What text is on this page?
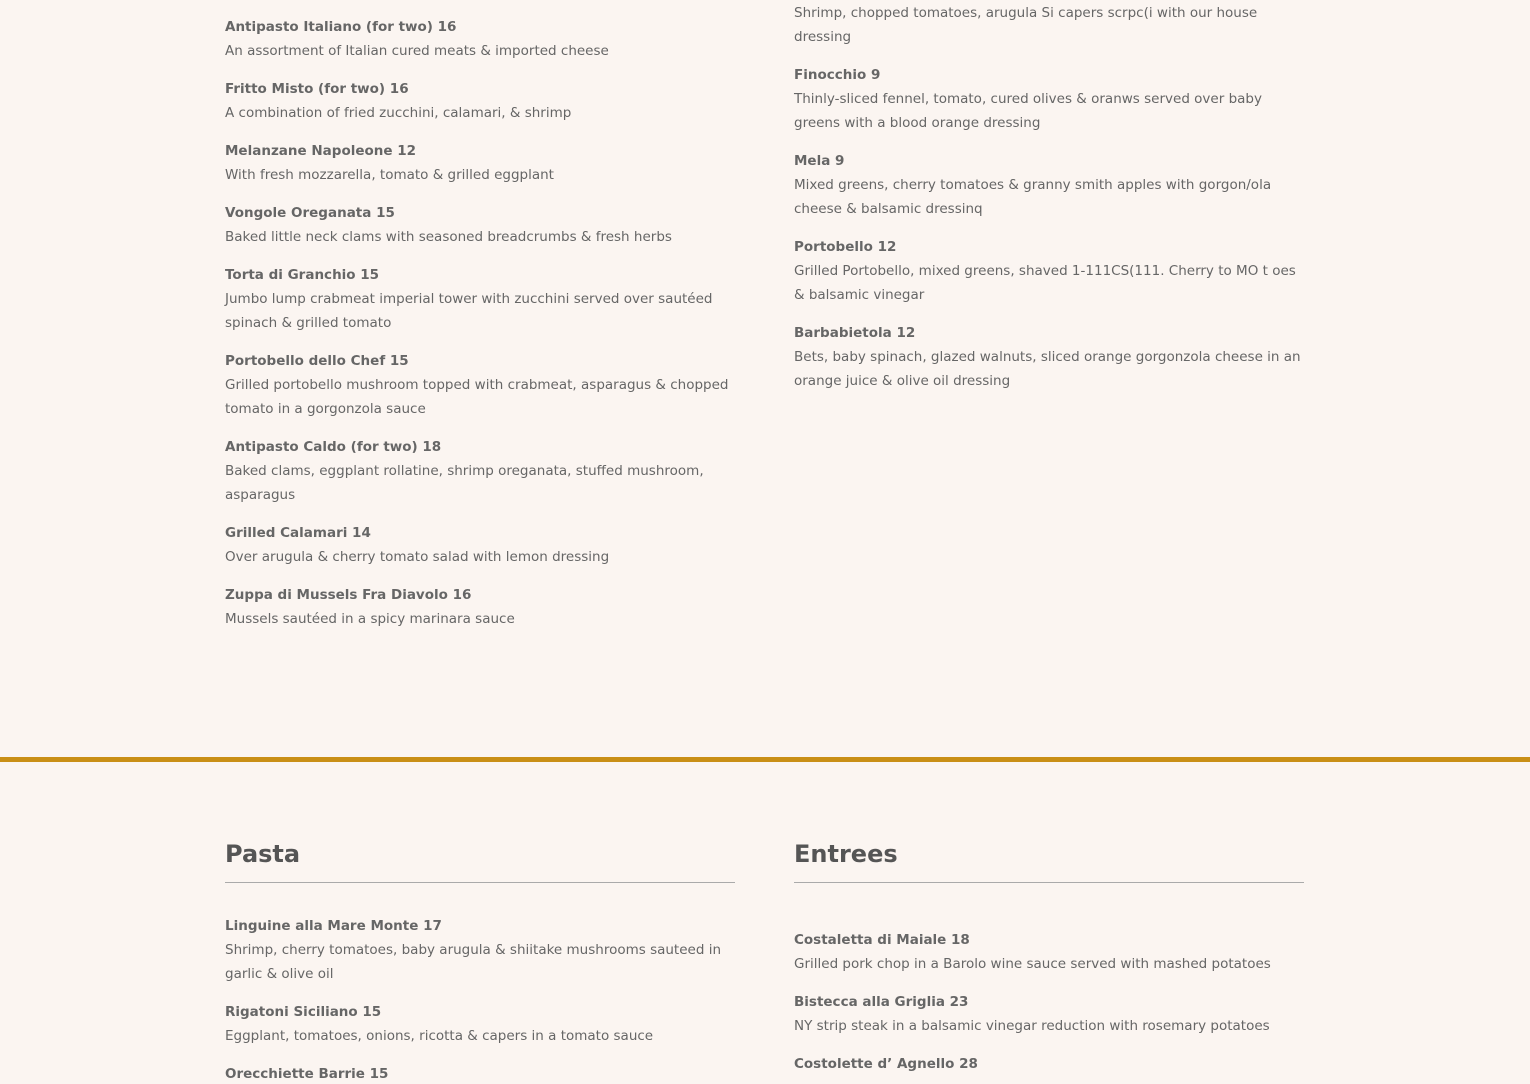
Antipasto Italiano (for two) 16

An assortment of Italian cured meats & imported cheese

Fritto Misto (for two) 16

A combination of fried zucchini, calamari, & shrimp

Melanzane Napoleone 12

With fresh mozzarella, tomato & grilled eggplant

Vongole Oreganata 15

Baked little neck clams with seasoned breadcrumbs & fresh herbs

Torta di Granchio 15

Jumbo lump crabmeat imperial tower with zucchini served over sautéed spinach & grilled tomato

Portobello dello Chef 15

Grilled portobello mushroom topped with crabmeat, asparagus & chopped tomato in a gorgonzola sauce

Antipasto Caldo (for two) 18

Baked clams, eggplant rollatine, shrimp oreganata, stuffed mushroom, asparagus

Grilled Calamari 14

Over arugula & cherry tomato salad with lemon dressing

Zuppa di Mussels Fra Diavolo 16

Mussels sautéed in a spicy marinara sauce

Shrimp, chopped tomatoes, arugula Si capers scrpc(i with our house dressing

Finocchio 9

Thinly-sliced fennel, tomato, cured olives & oranws served over baby greens with a blood orange dressing

Mela 9

Mixed greens, cherry tomatoes & granny smith apples with gorgon/ola cheese & balsamic dressinq

Portobello 12

Grilled Portobello, mixed greens, shaved 1-111CS(111. Cherry to MO t oes & balsamic vinegar

Barbabietola 12

Bets, baby spinach, glazed walnuts, sliced orange gorgonzola cheese in an orange juice & olive oil dressing

Pasta

Linguine alla Mare Monte 17

Shrimp, cherry tomatoes, baby arugula & shiitake mushrooms sauteed in garlic & olive oil

Rigatoni Siciliano 15

Eggplant, tomatoes, onions, ricotta & capers in a tomato sauce

Orecchiette Barrie 15

Entrees

Costaletta di Maiale 18

Grilled pork chop in a Barolo wine sauce served with mashed potatoes

Bistecca alla Griglia 23

NY strip steak in a balsamic vinegar reduction with rosemary potatoes

Costolette d’ Agnello 28
